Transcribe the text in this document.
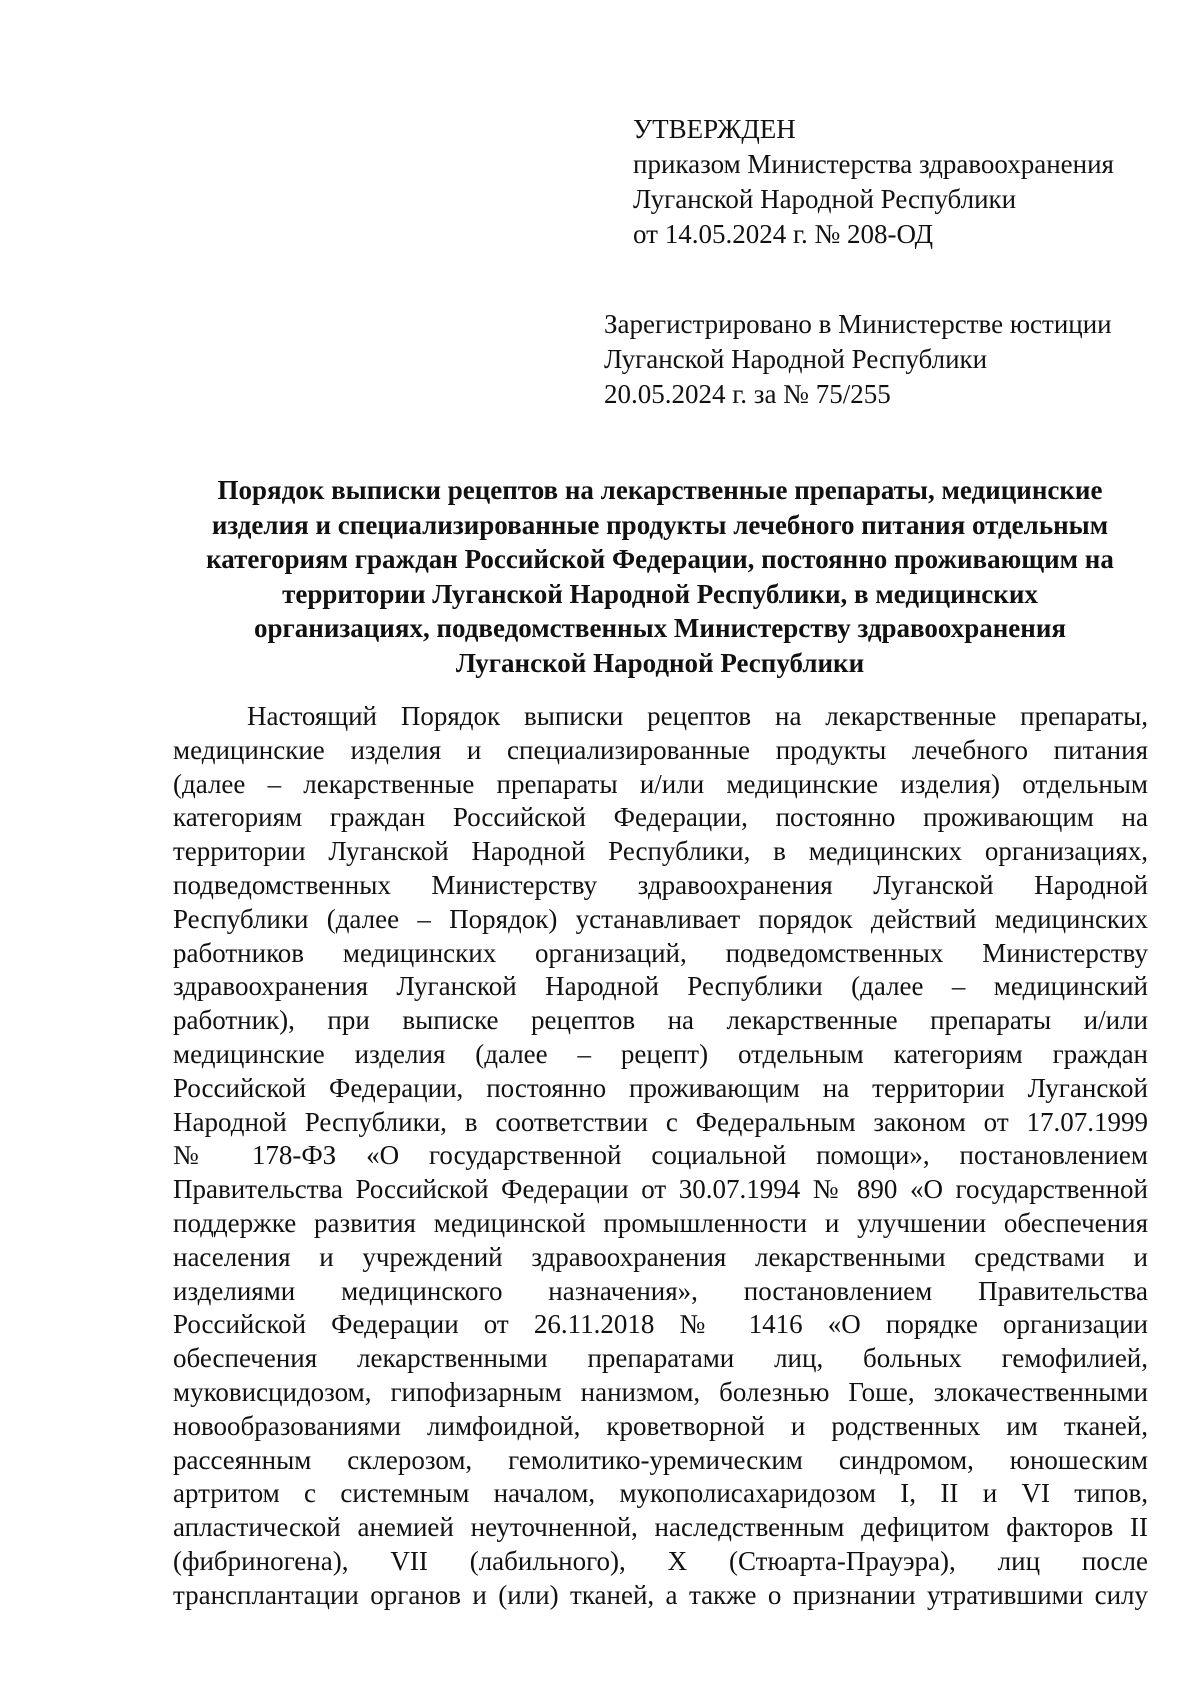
УТВЕРЖДЕН
приказом Министерства здравоохранения
Луганской Народной Республики
от 14.05.2024 г. № 208-ОД
Зарегистрировано в Министерстве юстиции
Луганской Народной Республики
20.05.2024 г. за № 75/255
Порядок выписки рецептов на лекарственные препараты, медицинские
изделия и специализированные продукты лечебного питания отдельным
категориям граждан Российской Федерации, постоянно проживающим на
территории Луганской Народной Республики, в медицинских
организациях, подведомственных Министерству здравоохранения
Луганской Народной Республики
Настоящий Порядок выписки рецептов на лекарственные препараты,
медицинские изделия и специализированные продукты лечебного питания
(далее – лекарственные препараты и/или медицинские изделия) отдельным
категориям граждан Российской Федерации, постоянно проживающим на
территории Луганской Народной Республики, в медицинских организациях,
подведомственных Министерству здравоохранения Луганской Народной
Республики (далее – Порядок) устанавливает порядок действий медицинских
работников медицинских организаций, подведомственных Министерству
здравоохранения Луганской Народной Республики (далее – медицинский
работник), при выписке рецептов на лекарственные препараты и/или
медицинские изделия (далее – рецепт) отдельным категориям граждан
Российской Федерации, постоянно проживающим на территории Луганской
Народной Республики, в соответствии с Федеральным законом от 17.07.1999
№ 178-ФЗ «О государственной социальной помощи», постановлением
Правительства Российской Федерации от 30.07.1994 № 890 «О государственной
поддержке развития медицинской промышленности и улучшении обеспечения
населения и учреждений здравоохранения лекарственными средствами и
изделиями медицинского назначения», постановлением Правительства
Российской Федерации от 26.11.2018 № 1416 «О порядке организации
обеспечения лекарственными препаратами лиц, больных гемофилией,
муковисцидозом, гипофизарным нанизмом, болезнью Гоше, злокачественными
новообразованиями лимфоидной, кроветворной и родственных им тканей,
рассеянным склерозом, гемолитико-уремическим синдромом, юношеским
артритом с системным началом, мукополисахаридозом I, II и VI типов,
апластической анемией неуточненной, наследственным дефицитом факторов II
(фибриногена), VII (лабильного), X (Стюарта-Прауэра), лиц после
трансплантации органов и (или) тканей, а также о признании утратившими силу
